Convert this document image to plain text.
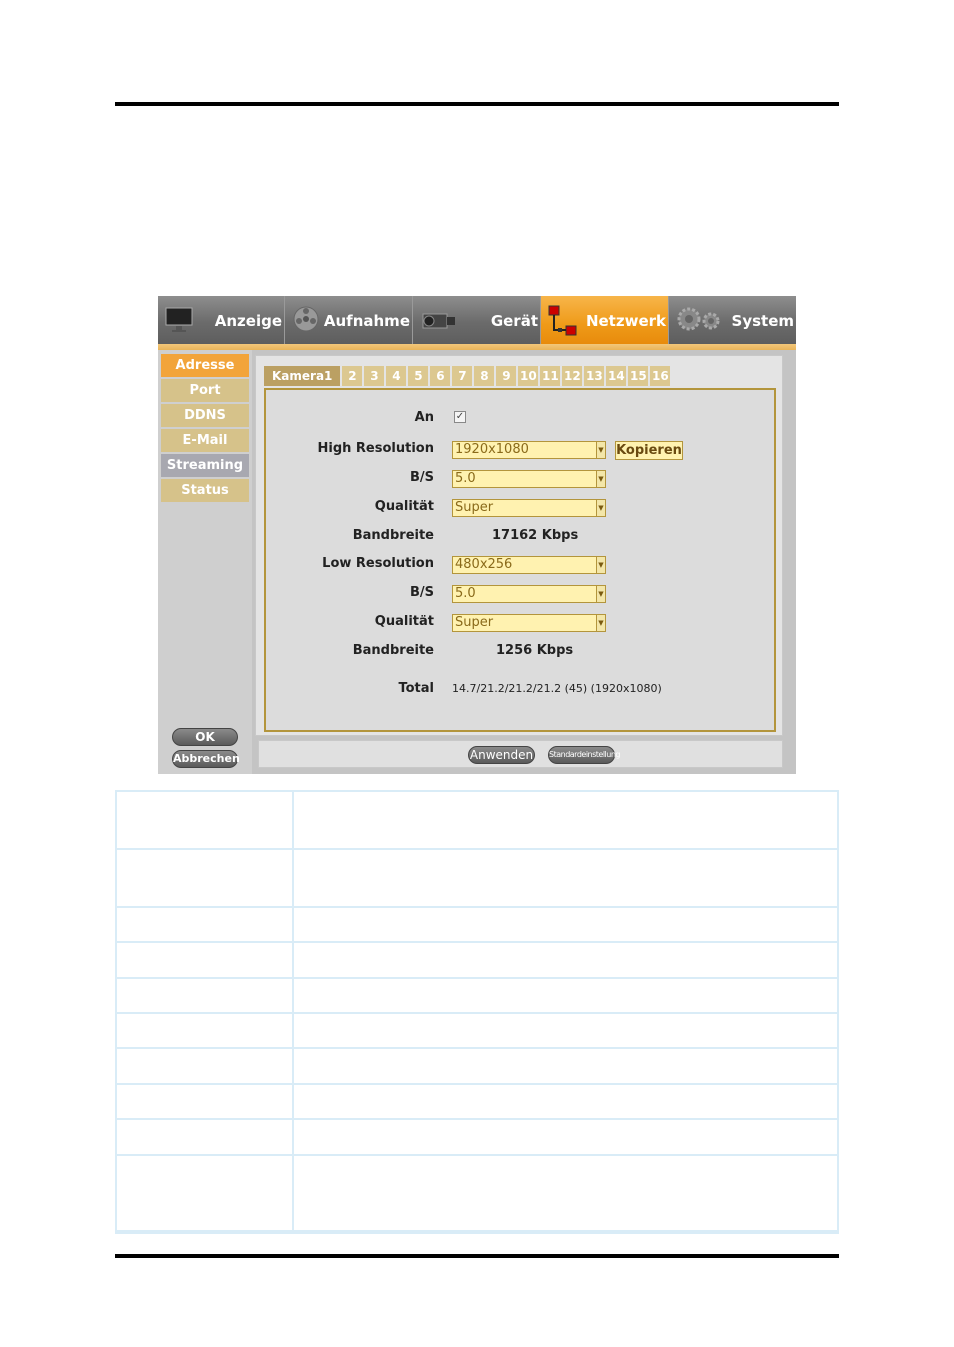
Anzeige	Aufnahme	Gerät	Netzwerk	System
Adresse
Port
DDNS
E-Mail
Streaming
Status
OK
Abbrechen
Kamera1	2	3	4	5	6	7	8	9 10 11 12 13 14 15 16
An ✓
High Resolution 1920x1080	▼ Kopieren
B/S 5.0	▼
Qualität Super	▼
Bandbreite	17162 Kbps
Low Resolution 480x256	▼
B/S 5.0	▼
Qualität Super	▼
Bandbreite	1256 Kbps
Total 14.7/21.2/21.2/21.2 (45) (1920x1080)
Anwenden Standardeinstellung
